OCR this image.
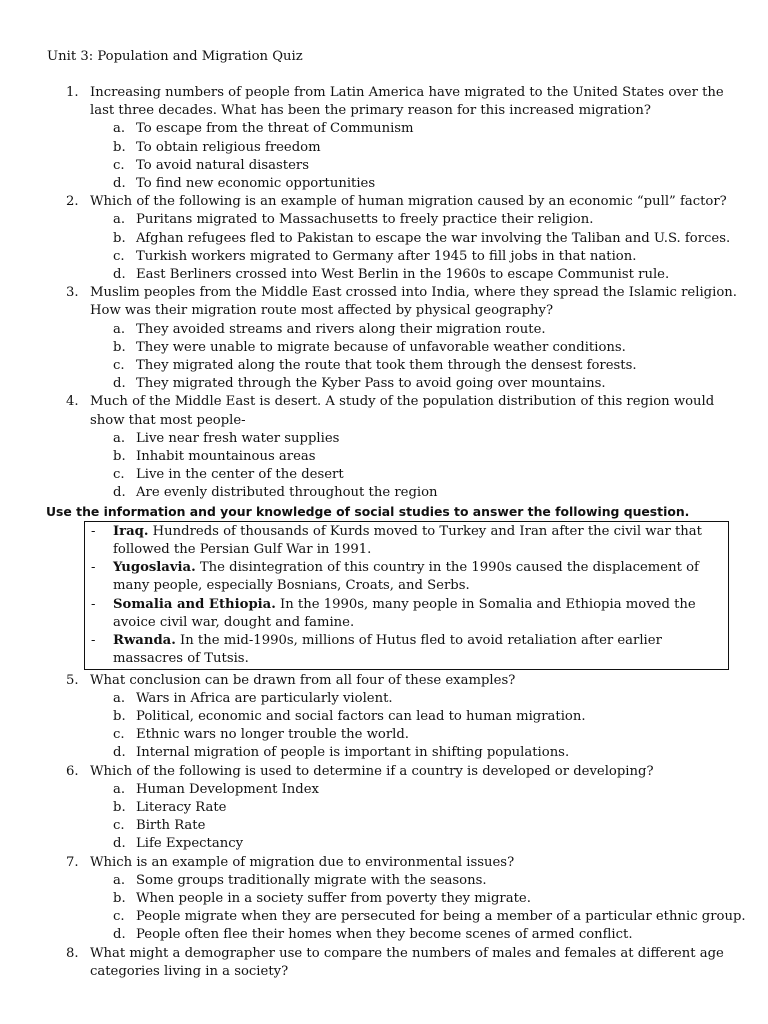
Unit 3: Population and Migration Quiz
1. Increasing numbers of people from Latin America have migrated to the United States over the last three decades. What has been the primary reason for this increased migration?
a. To escape from the threat of Communism
b. To obtain religious freedom
c. To avoid natural disasters
d. To find new economic opportunities
2. Which of the following is an example of human migration caused by an economic “pull” factor?
a. Puritans migrated to Massachusetts to freely practice their religion.
b. Afghan refugees fled to Pakistan to escape the war involving the Taliban and U.S. forces.
c. Turkish workers migrated to Germany after 1945 to fill jobs in that nation.
d. East Berliners crossed into West Berlin in the 1960s to escape Communist rule.
3. Muslim peoples from the Middle East crossed into India, where they spread the Islamic religion. How was their migration route most affected by physical geography?
a. They avoided streams and rivers along their migration route.
b. They were unable to migrate because of unfavorable weather conditions.
c. They migrated along the route that took them through the densest forests.
d. They migrated through the Kyber Pass to avoid going over mountains.
4. Much of the Middle East is desert. A study of the population distribution of this region would show that most people-
a. Live near fresh water supplies
b. Inhabit mountainous areas
c. Live in the center of the desert
d. Are evenly distributed throughout the region
Use the information and your knowledge of social studies to answer the following question.
- Iraq. Hundreds of thousands of Kurds moved to Turkey and Iran after the civil war that followed the Persian Gulf War in 1991.
- Yugoslavia. The disintegration of this country in the 1990s caused the displacement of many people, especially Bosnians, Croats, and Serbs.
- Somalia and Ethiopia. In the 1990s, many people in Somalia and Ethiopia moved the avoice civil war, dought and famine.
- Rwanda. In the mid-1990s, millions of Hutus fled to avoid retaliation after earlier massacres of Tutsis.
5. What conclusion can be drawn from all four of these examples?
a. Wars in Africa are particularly violent.
b. Political, economic and social factors can lead to human migration.
c. Ethnic wars no longer trouble the world.
d. Internal migration of people is important in shifting populations.
6. Which of the following is used to determine if a country is developed or developing?
a. Human Development Index
b. Literacy Rate
c. Birth Rate
d. Life Expectancy
7. Which is an example of migration due to environmental issues?
a. Some groups traditionally migrate with the seasons.
b. When people in a society suffer from poverty they migrate.
c. People migrate when they are persecuted for being a member of a particular ethnic group.
d. People often flee their homes when they become scenes of armed conflict.
8. What might a demographer use to compare the numbers of males and females at different age categories living in a society?
